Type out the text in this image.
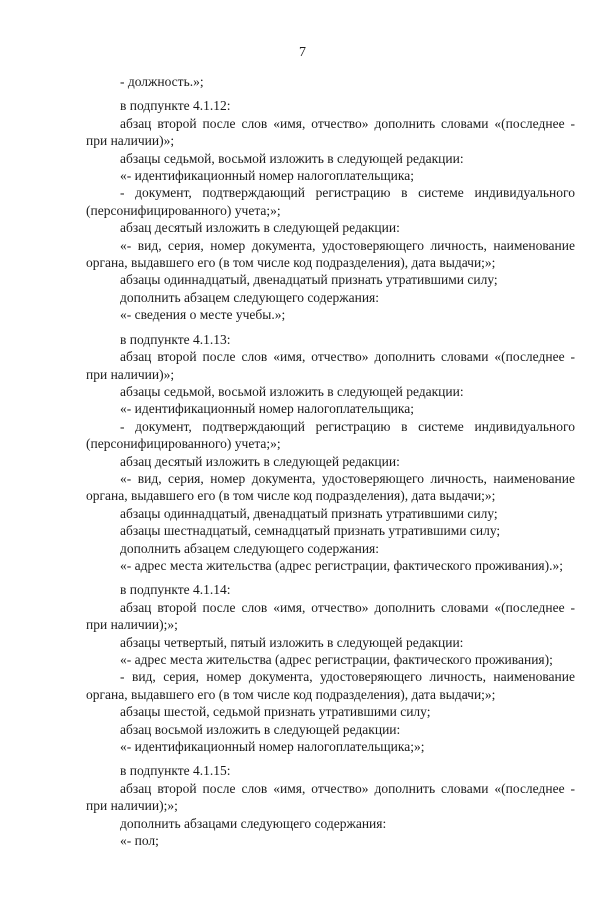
7

- должность.»;

в подпункте 4.1.12:

абзац второй после слов «имя, отчество» дополнить словами «(последнее - при наличии)»;

абзацы седьмой, восьмой изложить в следующей редакции:

«- идентификационный номер налогоплательщика;

- документ, подтверждающий регистрацию в системе индивидуального (персонифицированного) учета;»;

абзац десятый изложить в следующей редакции:

«- вид, серия, номер документа, удостоверяющего личность, наименование органа, выдавшего его (в том числе код подразделения), дата выдачи;»;

абзацы одиннадцатый, двенадцатый признать утратившими силу;

дополнить абзацем следующего содержания:

«- сведения о месте учебы.»;

в подпункте 4.1.13:

абзац второй после слов «имя, отчество» дополнить словами «(последнее - при наличии)»;

абзацы седьмой, восьмой изложить в следующей редакции:

«- идентификационный номер налогоплательщика;

- документ, подтверждающий регистрацию в системе индивидуального (персонифицированного) учета;»;

абзац десятый изложить в следующей редакции:

«- вид, серия, номер документа, удостоверяющего личность, наименование органа, выдавшего его (в том числе код подразделения), дата выдачи;»;

абзацы одиннадцатый, двенадцатый признать утратившими силу;

абзацы шестнадцатый, семнадцатый признать утратившими силу;

дополнить абзацем следующего содержания:

«- адрес места жительства (адрес регистрации, фактического проживания).»;

в подпункте 4.1.14:

абзац второй после слов «имя, отчество» дополнить словами «(последнее - при наличии);»;

абзацы четвертый, пятый изложить в следующей редакции:

«- адрес места жительства (адрес регистрации, фактического проживания);

- вид, серия, номер документа, удостоверяющего личность, наименование органа, выдавшего его (в том числе код подразделения), дата выдачи;»;

абзацы шестой, седьмой признать утратившими силу;

абзац восьмой изложить в следующей редакции:

«- идентификационный номер налогоплательщика;»;

в подпункте 4.1.15:

абзац второй после слов «имя, отчество» дополнить словами «(последнее - при наличии);»;

дополнить абзацами следующего содержания:

«- пол;
